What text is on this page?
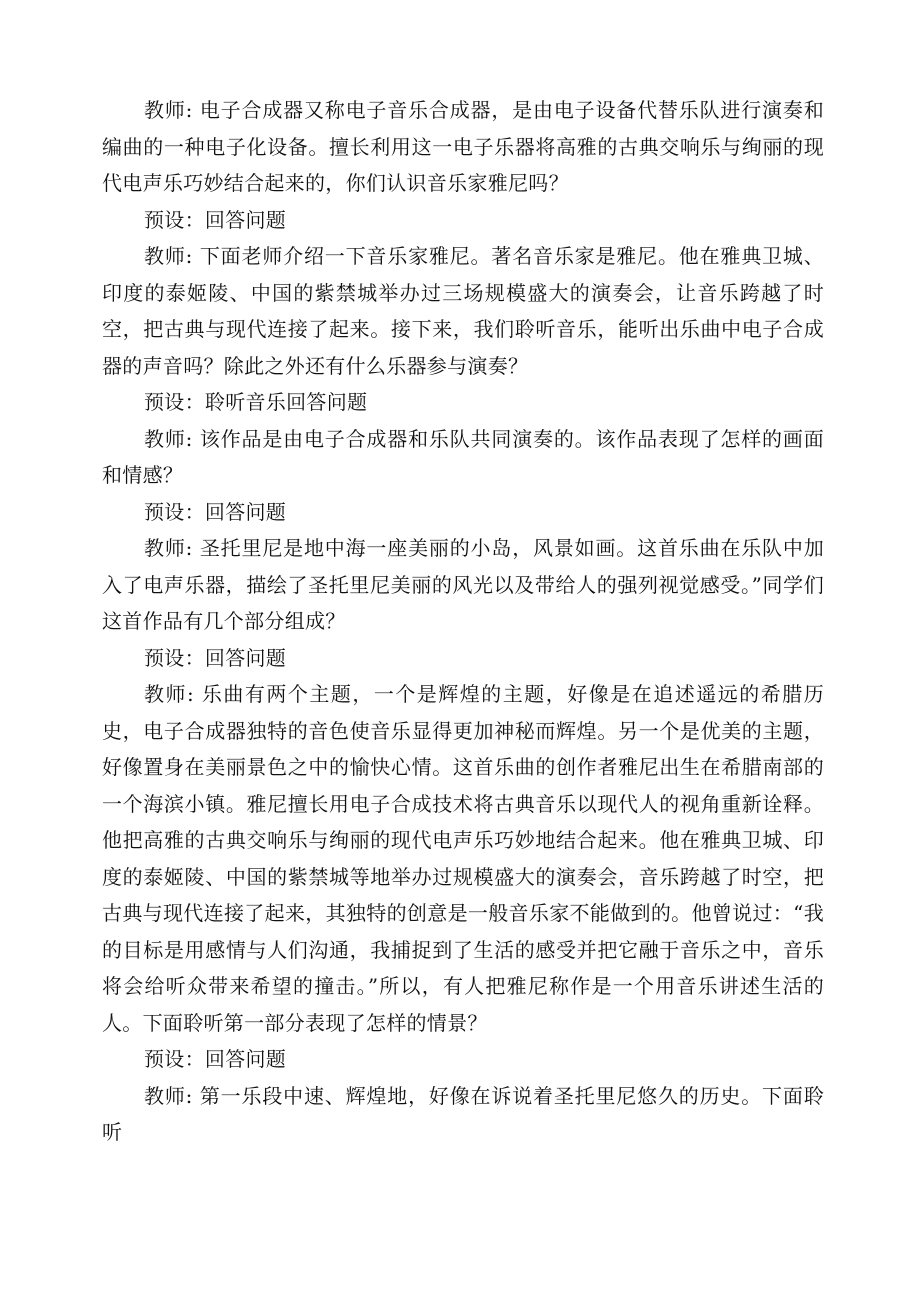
教师: 电子合成器又称电子音乐合成器，是由电子设备代替乐队进行演奏和编曲的一种电子化设备。擅长利用这一电子乐器将高雅的古典交响乐与绚丽的现代电声乐巧妙结合起来的，你们认识音乐家雅尼吗？

预设：回答问题

教师: 下面老师介绍一下音乐家雅尼。著名音乐家是雅尼。他在雅典卫城、印度的泰姬陵、中国的紫禁城举办过三场规模盛大的演奏会，让音乐跨越了时空，把古典与现代连接了起来。接下来，我们聆听音乐，能听出乐曲中电子合成器的声音吗？除此之外还有什么乐器参与演奏？

预设：聆听音乐回答问题

教师: 该作品是由电子合成器和乐队共同演奏的。该作品表现了怎样的画面和情感？

预设：回答问题

教师: 圣托里尼是地中海一座美丽的小岛，风景如画。这首乐曲在乐队中加入了电声乐器，描绘了圣托里尼美丽的风光以及带给人的强列视觉感受。”同学们这首作品有几个部分组成？

预设：回答问题

教师: 乐曲有两个主题，一个是辉煌的主题，好像是在追述遥远的希腊历史，电子合成器独特的音色使音乐显得更加神秘而辉煌。另一个是优美的主题，好像置身在美丽景色之中的愉快心情。这首乐曲的创作者雅尼出生在希腊南部的一个海滨小镇。雅尼擅长用电子合成技术将古典音乐以现代人的视角重新诠释。他把高雅的古典交响乐与绚丽的现代电声乐巧妙地结合起来。他在雅典卫城、印度的泰姬陵、中国的紫禁城等地举办过规模盛大的演奏会，音乐跨越了时空，把古典与现代连接了起来，其独特的创意是一般音乐家不能做到的。他曾说过：“我的目标是用感情与人们沟通，我捕捉到了生活的感受并把它融于音乐之中，音乐将会给听众带来希望的撞击。”所以，有人把雅尼称作是一个用音乐讲述生活的人。下面聆听第一部分表现了怎样的情景？

预设：回答问题

教师: 第一乐段中速、辉煌地，好像在诉说着圣托里尼悠久的历史。下面聆听
